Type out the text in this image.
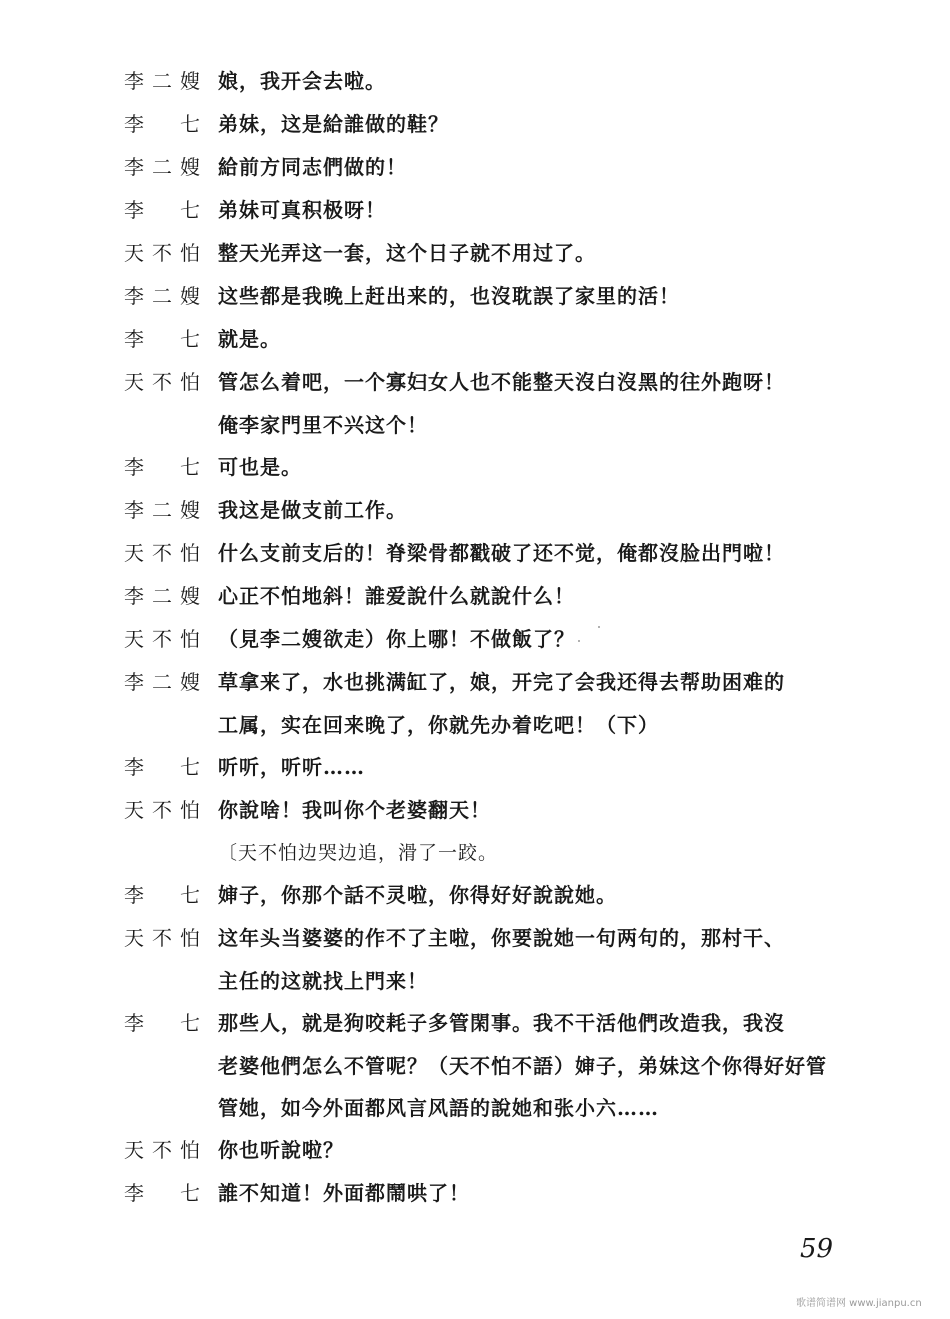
李二嫂 娘，我开会去啦。
李 七 弟妹，这是給誰做的鞋？
李二嫂 給前方同志們做的！
李 七 弟妹可真积极呀！
天不怕 整天光弄这一套，这个日子就不用过了。
李二嫂 这些都是我晚上赶出来的，也沒耽誤了家里的活！
李 七 就是。
天不怕 管怎么着吧，一个寡妇女人也不能整天沒白沒黑的往外跑呀！
俺李家門里不兴这个！
李 七 可也是。
李二嫂 我这是做支前工作。
天不怕 什么支前支后的！脊梁骨都戳破了还不觉，俺都沒脸出門啦！
李二嫂 心正不怕地斜！誰爱說什么就說什么！
天不怕 （見李二嫂欲走）你上哪！不做飯了？
李二嫂 草拿来了，水也挑满缸了，娘，开完了会我还得去帮助困难的
工属，实在回来晚了，你就先办着吃吧！（下）
李 七 听听，听听……
天不怕 你說啥！我叫你个老婆翻天！
〔天不怕边哭边追，滑了一跤。
李 七 婶子，你那个話不灵啦，你得好好說說她。
天不怕 这年头当婆婆的作不了主啦，你要說她一句两句的，那村干、
主任的这就找上門来！
李 七 那些人，就是狗咬耗子多管閑事。我不干活他們改造我，我沒
老婆他們怎么不管呢？（天不怕不語）婶子，弟妹这个你得好好管
管她，如今外面都风言风語的說她和张小六……
天不怕 你也听說啦？
李 七 誰不知道！外面都鬧哄了！
59
歌谱简谱网 www.jianpu.cn
